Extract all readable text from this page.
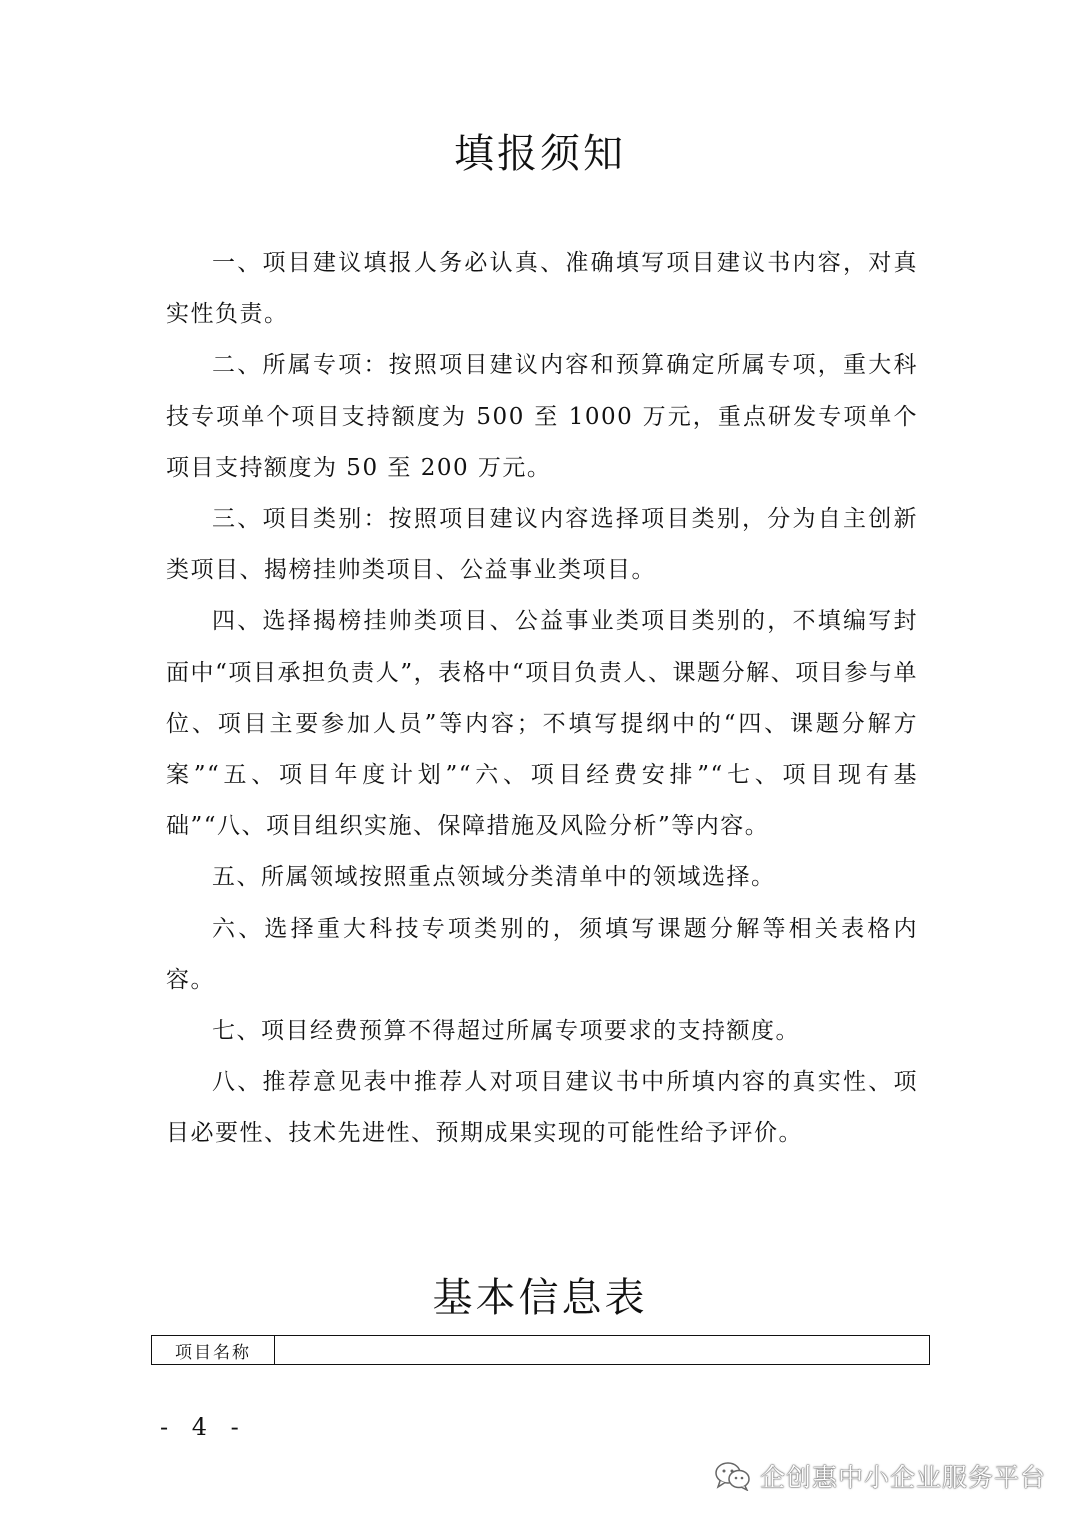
填报须知

一、项目建议填报人务必认真、准确填写项目建议书内容，对真实性负责。

二、所属专项：按照项目建议内容和预算确定所属专项，重大科技专项单个项目支持额度为 500 至 1000 万元，重点研发专项单个项目支持额度为 50 至 200 万元。

三、项目类别：按照项目建议内容选择项目类别，分为自主创新类项目、揭榜挂帅类项目、公益事业类项目。

四、选择揭榜挂帅类项目、公益事业类项目类别的，不填编写封面中“项目承担负责人”，表格中“项目负责人、课题分解、项目参与单位、项目主要参加人员”等内容；不填写提纲中的“四、课题分解方案”“五、项目年度计划”“六、项目经费安排”“七、项目现有基础”“八、项目组织实施、保障措施及风险分析”等内容。

五、所属领域按照重点领域分类清单中的领域选择。

六、选择重大科技专项类别的，须填写课题分解等相关表格内容。

七、项目经费预算不得超过所属专项要求的支持额度。

八、推荐意见表中推荐人对项目建议书中所填内容的真实性、项目必要性、技术先进性、预期成果实现的可能性给予评价。

基本信息表
项目名称	
- 4 -
企创惠中小企业服务平台
